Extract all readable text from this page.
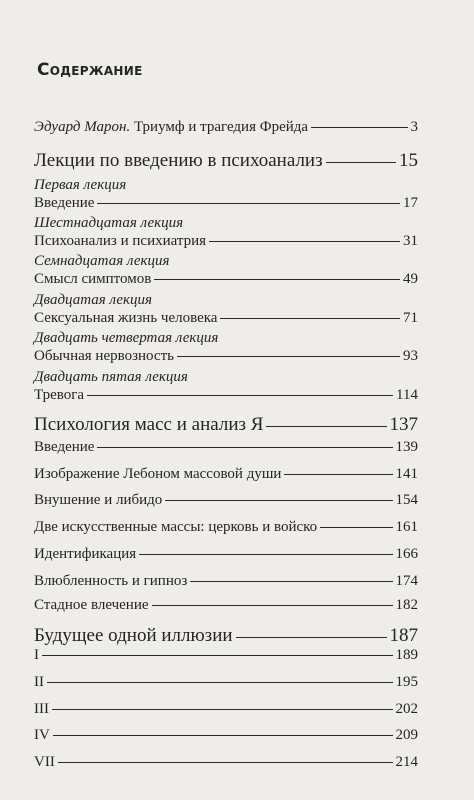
Содержание
Эдуард Марон. Триумф и трагедия Фрейда	3
Лекции по введению в психоанализ	15
Первая лекция
Введение	17
Шестнадцатая лекция
Психоанализ и психиатрия	31
Семнадцатая лекция
Смысл симптомов	49
Двадцатая лекция
Сексуальная жизнь человека	71
Двадцать четвертая лекция
Обычная нервозность	93
Двадцать пятая лекция
Тревога	114
Психология масс и анализ Я	137
Введение	139
Изображение Лебоном массовой души	141
Внушение и либидо	154
Две искусственные массы: церковь и войско	161
Идентификация	166
Влюбленность и гипноз	174
Стадное влечение	182
Будущее одной иллюзии	187
I	189
II	195
III	202
IV	209
VII	214
